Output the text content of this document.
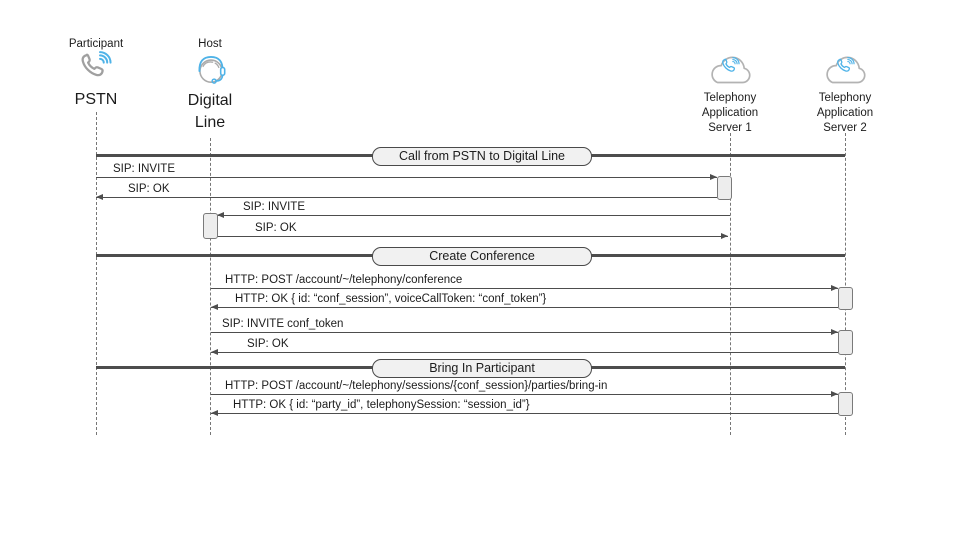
Participant	Host
PSTN	Digital Line
Telephony Application Server 1
Telephony Application Server 2
Call from PSTN to Digital Line
Create Conference
Bring In Participant
SIP: INVITE
SIP: OK
SIP: INVITE
SIP: OK
HTTP: POST /account/~/telephony/conference
HTTP: OK { id: “conf_session”, voiceCallToken: “conf_token”}
SIP: INVITE conf_token
SIP: OK
HTTP: POST /account/~/telephony/sessions/{conf_session}/parties/bring-in
HTTP: OK { id: “party_id”, telephonySession: “session_id”}
